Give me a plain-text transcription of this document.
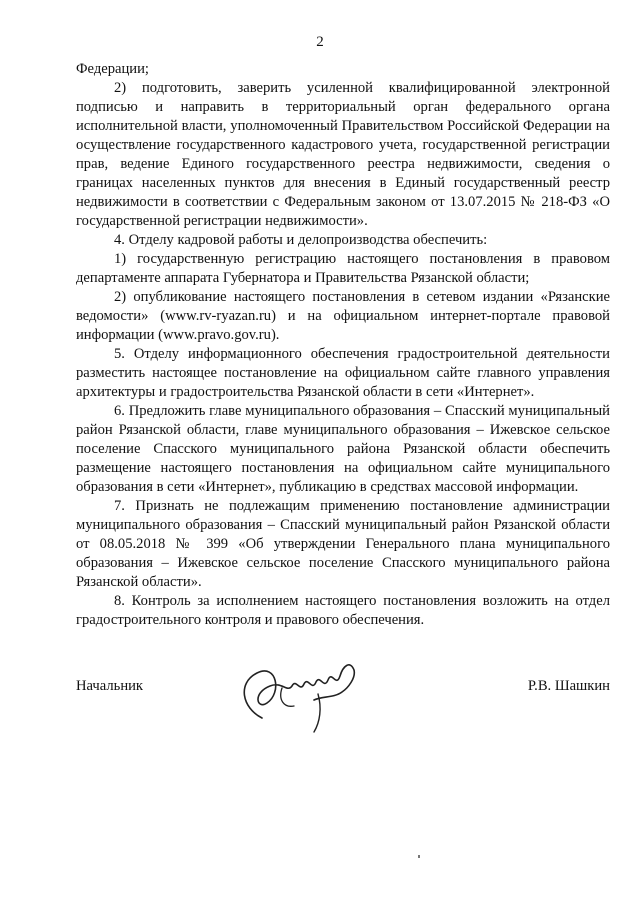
2

Федерации;

2) подготовить, заверить усиленной квалифицированной электронной подписью и направить в территориальный орган федерального органа исполнительной власти, уполномоченный Правительством Российской Федерации на осуществление государственного кадастрового учета, государственной регистрации прав, ведение Единого государственного реестра недвижимости, сведения о границах населенных пунктов для внесения в Единый государственный реестр недвижимости в соответствии с Федеральным законом от 13.07.2015 № 218-ФЗ «О государственной регистрации недвижимости».

4. Отделу кадровой работы и делопроизводства обеспечить:

1) государственную регистрацию настоящего постановления в правовом департаменте аппарата Губернатора и Правительства Рязанской области;

2) опубликование настоящего постановления в сетевом издании «Рязанские ведомости» (www.rv-ryazan.ru) и на официальном интернет-портале правовой информации (www.pravo.gov.ru).

5. Отделу информационного обеспечения градостроительной деятельности разместить настоящее постановление на официальном сайте главного управления архитектуры и градостроительства Рязанской области в сети «Интернет».

6. Предложить главе муниципального образования – Спасский муниципальный район Рязанской области, главе муниципального образования – Ижевское сельское поселение Спасского муниципального района Рязанской области обеспечить размещение настоящего постановления на официальном сайте муниципального образования в сети «Интернет», публикацию в средствах массовой информации.

7. Признать не подлежащим применению постановление администрации муниципального образования – Спасский муниципальный район Рязанской области от 08.05.2018 № 399 «Об утверждении Генерального плана муниципального образования – Ижевское сельское поселение Спасского муниципального района Рязанской области».

8. Контроль за исполнением настоящего постановления возложить на отдел градостроительного контроля и правового обеспечения.

Начальник	Р.В. Шашкин
